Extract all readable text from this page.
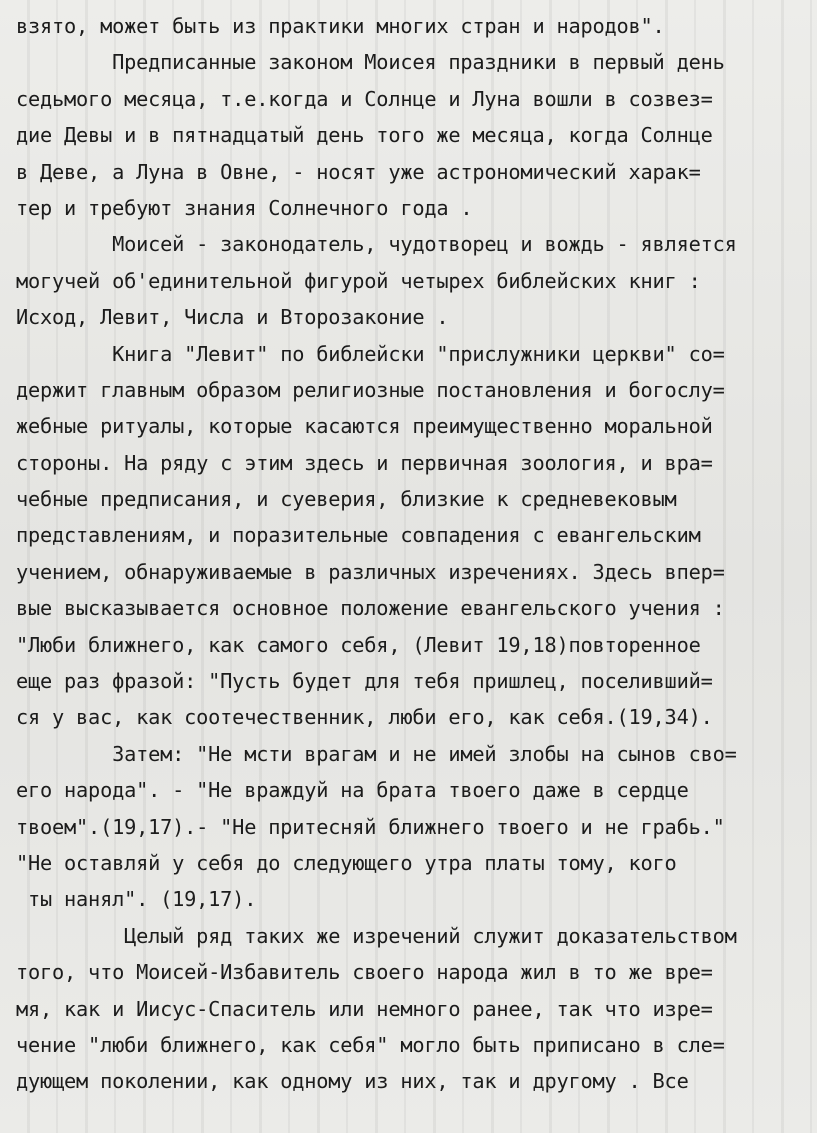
взято, может быть из практики многих стран и народов".
Предписанные законом Моисея праздники в первый день
седьмого месяца, т.е.когда и Солнце и Луна вошли в созвез=
дие Девы и в пятнадцатый день того же месяца, когда Солнце
в Деве, а Луна в Овне, - носят уже астрономический харак=
тер и требуют знания Солнечного года .
Моисей - законодатель, чудотворец и вождь - является
могучей об'единительной фигурой четырех библейских книг :
Исход, Левит, Числа и Второзаконие .
Книга "Левит" по библейски "прислужники церкви" со=
держит главным образом религиозные постановления и богослу=
жебные ритуалы, которые касаются преимущественно моральной
стороны. На ряду с этим здесь и первичная зоология, и вра=
чебные предписания, и суеверия, близкие к средневековым
представлениям, и поразительные совпадения с евангельским
учением, обнаруживаемые в различных изречениях. Здесь впер=
вые высказывается основное положение евангельского учения :
"Люби ближнего, как самого себя, (Левит 19,18)повторенное
еще раз фразой: "Пусть будет для тебя пришлец, поселивший=
ся у вас, как соотечественник, люби его, как себя.(19,34).
Затем: "Не мсти врагам и не имей злобы на сынов сво=
его народа". - "Не враждуй на брата твоего даже в сердце
твоем".(19,17).- "Не притесняй ближнего твоего и не грабь."
"Не оставляй у себя до следующего утра платы тому, кого
ты нанял". (19,17).
Целый ряд таких же изречений служит доказательством
того, что Моисей-Избавитель своего народа жил в то же вре=
мя, как и Иисус-Спаситель или немного ранее, так что изре=
чение "люби ближнего, как себя" могло быть приписано в сле=
дующем поколении, как одному из них, так и другому . Все
